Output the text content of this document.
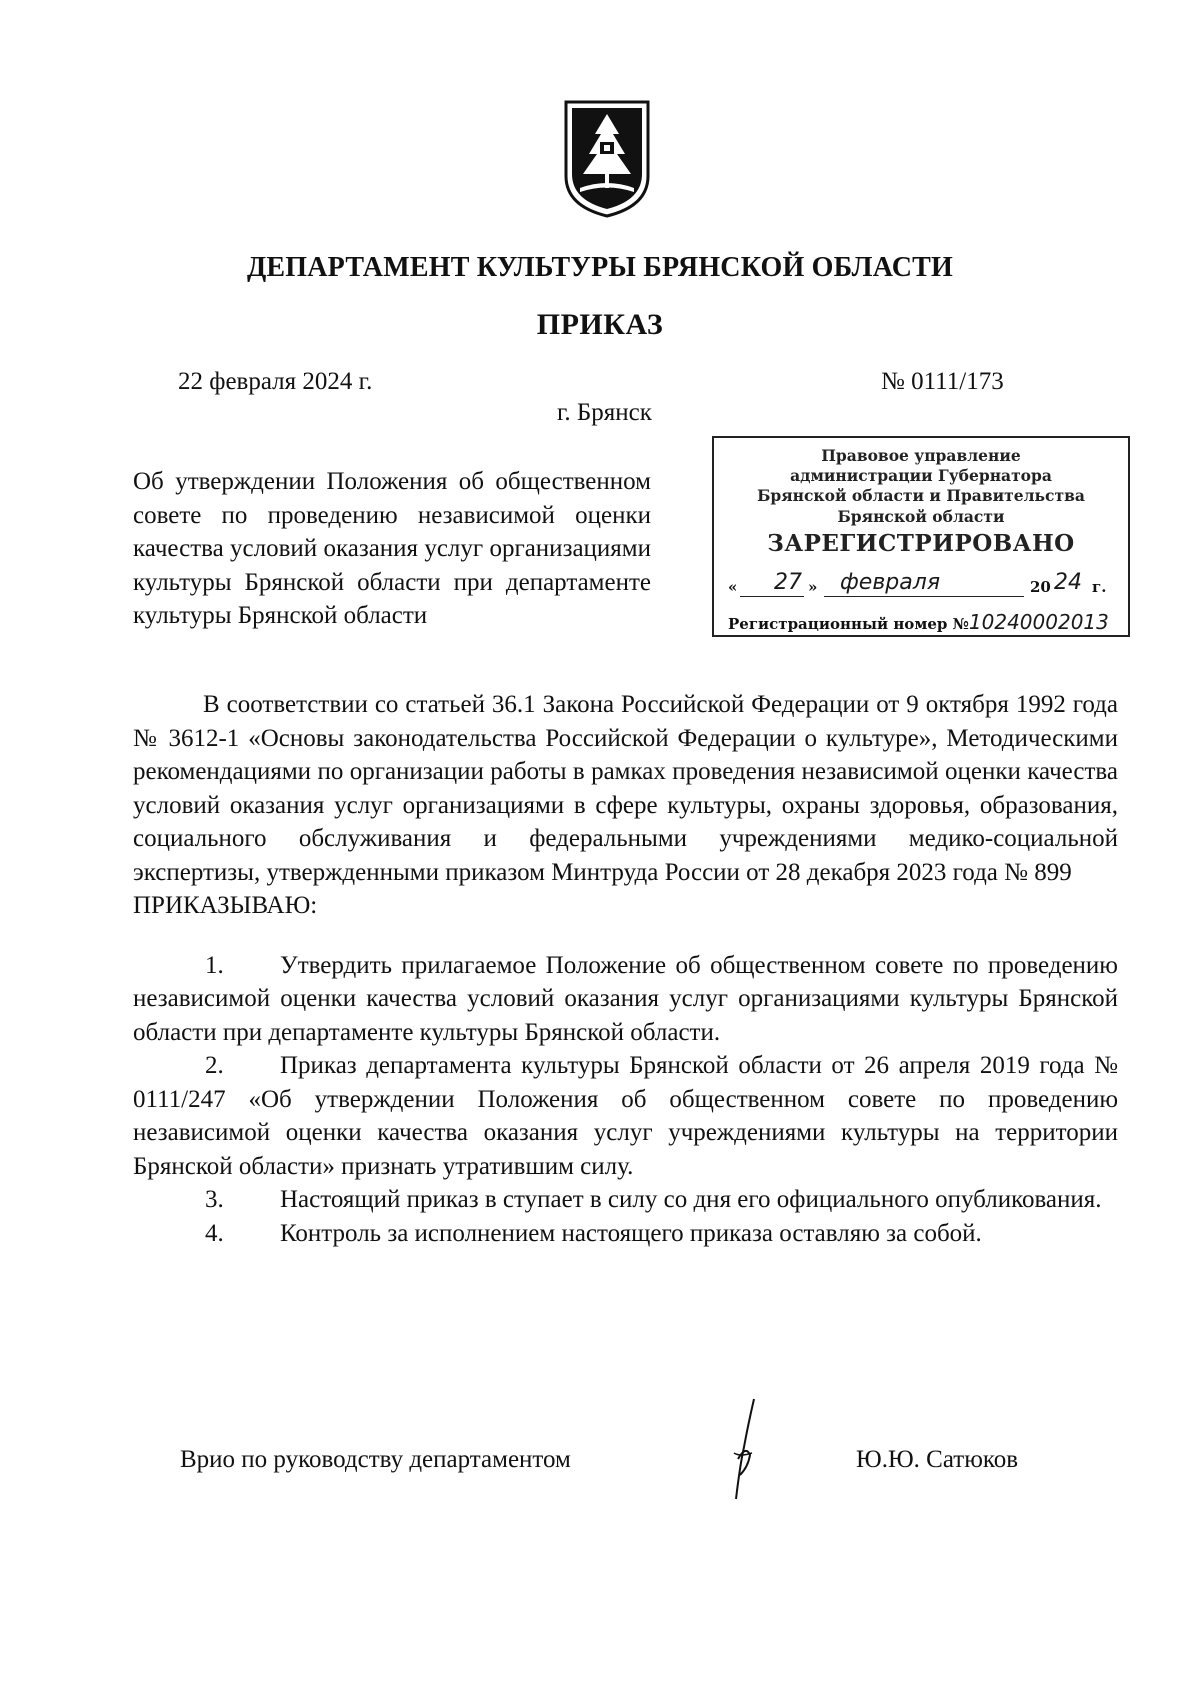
ДЕПАРТАМЕНТ КУЛЬТУРЫ БРЯНСКОЙ ОБЛАСТИ
ПРИКАЗ
22 февраля 2024 г.	№ 0111/173
г. Брянск
Об утверждении Положения об общественном совете по проведению независимой оценки качества условий оказания услуг организациями культуры Брянской области при департаменте культуры Брянской области
Правовое управление
администрации Губернатора
Брянской области и Правительства
Брянской области
ЗАРЕГИСТРИРОВАНО
« 27 » февраля	20 24 г.
Регистрационный номер №10240002013

В соответствии со статьей 36.1 Закона Российской Федерации от 9 октября 1992 года № 3612-1 «Основы законодательства Российской Федерации о культуре», Методическими рекомендациями по организации работы в рамках проведения независимой оценки качества условий оказания услуг организациями в сфере культуры, охраны здоровья, образования, социального обслуживания и федеральными учреждениями медико-социальной экспертизы, утвержденными приказом Минтруда России от 28 декабря 2023 года № 899

ПРИКАЗЫВАЮ:

1. Утвердить прилагаемое Положение об общественном совете по проведению независимой оценки качества условий оказания услуг организациями культуры Брянской области при департаменте культуры Брянской области.

2. Приказ департамента культуры Брянской области от 26 апреля 2019 года № 0111/247 «Об утверждении Положения об общественном совете по проведению независимой оценки качества оказания услуг учреждениями культуры на территории Брянской области» признать утратившим силу.

3. Настоящий приказ в ступает в силу со дня его официального опубликования.

4. Контроль за исполнением настоящего приказа оставляю за собой.

Врио по руководству департаментом	Ю.Ю. Сатюков
